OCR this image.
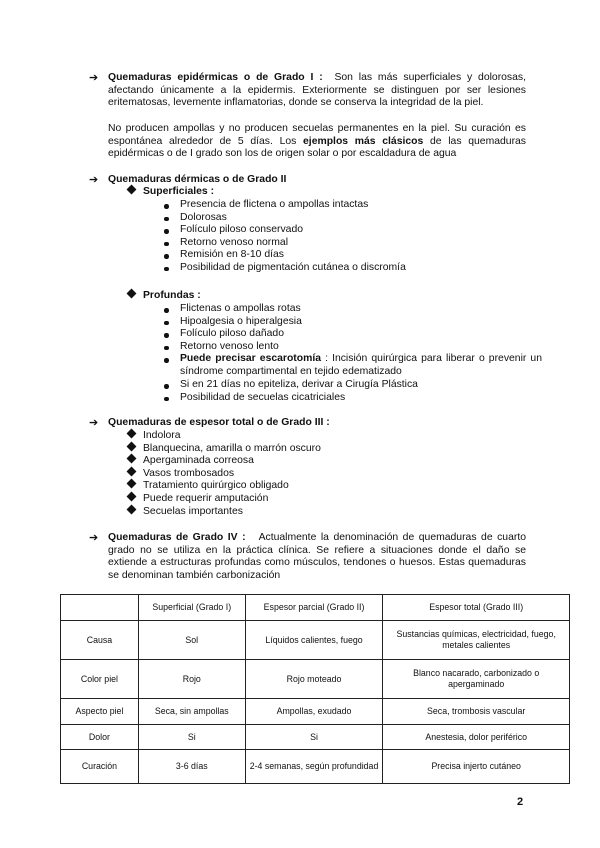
➔ Quemaduras epidérmicas o de Grado I : Son las más superficiales y dolorosas, afectando únicamente a la epidermis. Exteriormente se distinguen por ser lesiones eritematosas, levemente inflamatorias, donde se conserva la integridad de la piel.
No producen ampollas y no producen secuelas permanentes en la piel. Su curación es espontánea alrededor de 5 días. Los ejemplos más clásicos de las quemaduras epidérmicas o de I grado son los de origen solar o por escaldadura de agua
➔ Quemaduras dérmicas o de Grado II
Superficiales :
Presencia de flictena o ampollas intactas
Dolorosas
Folículo piloso conservado
Retorno venoso normal
Remisión en 8-10 días
Posibilidad de pigmentación cutánea o discromía
Profundas :
Flictenas o ampollas rotas
Hipoalgesia o hiperalgesia
Folículo piloso dañado
Retorno venoso lento
Puede precisar escarotomía : Incisión quirúrgica para liberar o prevenir un síndrome compartimental en tejido edematizado
Si en 21 días no epiteliza, derivar a Cirugía Plástica
Posibilidad de secuelas cicatriciales
➔ Quemaduras de espesor total o de Grado III :
Indolora
Blanquecina, amarilla o marrón oscuro
Apergaminada correosa
Vasos trombosados
Tratamiento quirúrgico obligado
Puede requerir amputación
Secuelas importantes
➔ Quemaduras de Grado IV : Actualmente la denominación de quemaduras de cuarto grado no se utiliza en la práctica clínica. Se refiere a situaciones donde el daño se extiende a estructuras profundas como músculos, tendones o huesos. Estas quemaduras se denominan también carbonización
	Superficial (Grado I)	Espesor parcial (Grado II)	Espesor total (Grado III)
Causa	Sol	Líquidos calientes, fuego	Sustancias químicas, electricidad, fuego, metales calientes
Color piel	Rojo	Rojo moteado	Blanco nacarado, carbonizado o apergaminado
Aspecto piel	Seca, sin ampollas	Ampollas, exudado	Seca, trombosis vascular
Dolor	Si	Si	Anestesia, dolor periférico
Curación	3-6 días	2-4 semanas, según profundidad	Precisa injerto cutáneo
2
